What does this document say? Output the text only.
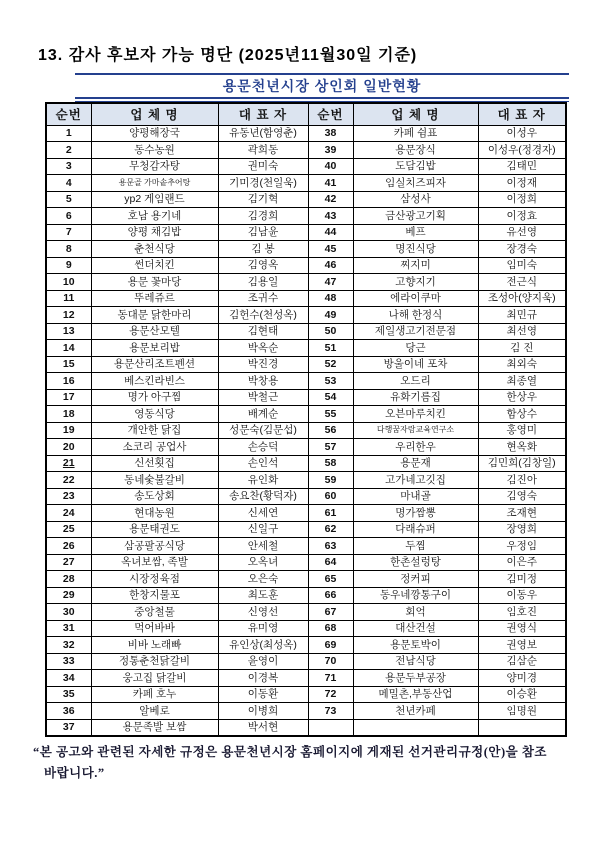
13. 감사 후보자 가능 명단 (2025년11월30일 기준)
용문천년시장 상인회 일반현황
순번	업 체 명	대 표 자	순번	업 체 명	대 표 자
1	양평해장국	유동년(함영춘)	38	카페 쉼표	이성우
2	동수농원	곽희동	39	용문장식	이성우(정경자)
3	무청감자탕	권미숙	40	도담김밥	김태민
4	용문골 가마솥추어탕	기미경(천일욱)	41	임실치즈피자	이정재
5	yp2 게임랜드	김기혁	42	삼성사	이정희
6	호남 용기네	김경희	43	금산광고기획	이정효
7	양평 채김밥	김남윤	44	베프	유선영
8	춘천식당	김 봉	45	명진식당	장경숙
9	썬더치킨	김영옥	46	찌지미	임미숙
10	용문 꽃마당	김용일	47	고향지기	전근식
11	뚜레쥬르	조귀수	48	에라이쿠마	조성아(양지욱)
12	동대문 닭한마리	김헌수(천성옥)	49	나해 한정식	최민규
13	용문산모텔	김현태	50	제일생고기전문점	최선영
14	용문보리밥	박옥순	51	당근	김 진
15	용문산리조트펜션	박진경	52	방울이네 포차	최외숙
16	베스킨라빈스	박창용	53	오드리	최종열
17	명가 아구찜	박철근	54	유화기름집	한상우
18	영동식당	배계순	55	오븐마루치킨	함상수
19	개안한 닭집	성문숙(김문섭)	56	다행꿈자람교육연구소	홍영미
20	소코리 공업사	손승덕	57	우리한우	현옥화
21	신선횟집	손인석	58	용문재	김민희(김창일)
22	동네숯불갈비	유인화	59	고가네고깃집	김진아
23	송도상회	송요찬(황덕자)	60	마내골	김영숙
24	현대농원	신세연	61	명가짬뽕	조재현
25	용문태권도	신일구	62	다래슈퍼	장영희
26	삼공팔공식당	안세철	63	두찜	우정임
27	옥녀보쌈, 족발	오옥녀	64	한촌설렁탕	이은주
28	시장정육점	오은숙	65	정커피	김미정
29	한창지물포	최도훈	66	동우네깡통구이	이동우
30	중앙철물	신영선	67	회억	임호진
31	먹어바바	유미영	68	대산건설	권영식
32	비바 노래빠	유인상(최성옥)	69	용문토박이	권영보
33	정통춘천닭갈비	윤영이	70	전남식당	김삼순
34	웅고집 닭갈비	이경복	71	용문두부공장	양미경
35	카페 호누	이동환	72	메밀촌,부동산업	이승환
36	알베로	이병희	73	천년카페	임명원
37	용문족발 보쌈	박서현			
“본 공고와 관련된 자세한 규정은 용문천년시장 홈페이지에 게재된 선거관리규정(안)을 참조
바랍니다.”
